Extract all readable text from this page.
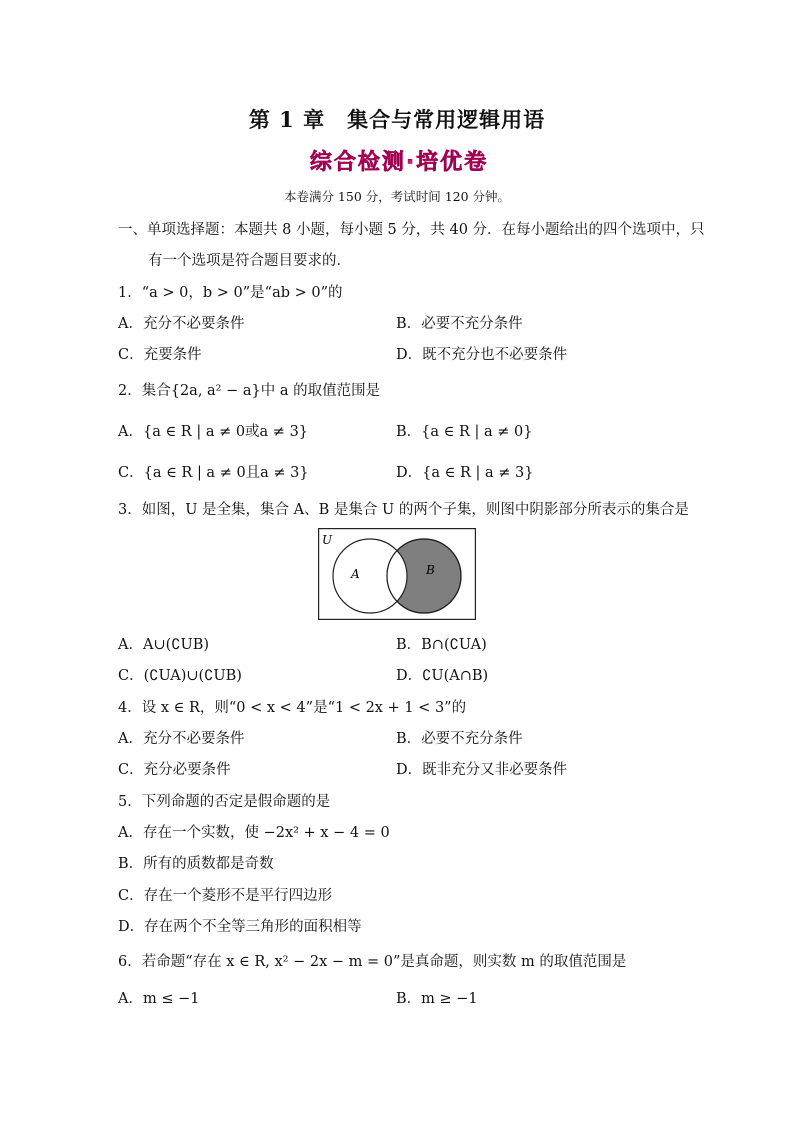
第 1 章　集合与常用逻辑用语
综合检测·培优卷
本卷满分 150 分，考试时间 120 分钟。
一、单项选择题：本题共 8 小题，每小题 5 分，共 40 分．在每小题给出的四个选项中，只
有一个选项是符合题目要求的．
1．“a > 0，b > 0”是“ab > 0”的
A．充分不必要条件	B．必要不充分条件
C．充要条件	D．既不充分也不必要条件
2．集合{2a, a² − a}中 a 的取值范围是
A．{a ∈ R | a ≠ 0或a ≠ 3}	B．{a ∈ R | a ≠ 0}
C．{a ∈ R | a ≠ 0且a ≠ 3}	D．{a ∈ R | a ≠ 3}
3．如图，U 是全集，集合 A、B 是集合 U 的两个子集，则图中阴影部分所表示的集合是
U
A	B
A．A∪(∁UB)	B．B∩(∁UA)
C．(∁UA)∪(∁UB)	D．∁U(A∩B)
4．设 x ∈ R，则“0 < x < 4”是“1 < 2x + 1 < 3”的
A．充分不必要条件	B．必要不充分条件
C．充分必要条件	D．既非充分又非必要条件
5．下列命题的否定是假命题的是
A．存在一个实数，使 −2x² + x − 4 = 0
B．所有的质数都是奇数
C．存在一个菱形不是平行四边形
D．存在两个不全等三角形的面积相等
6．若命题“存在 x ∈ R, x² − 2x − m = 0”是真命题，则实数 m 的取值范围是
A．m ≤ −1	B．m ≥ −1
